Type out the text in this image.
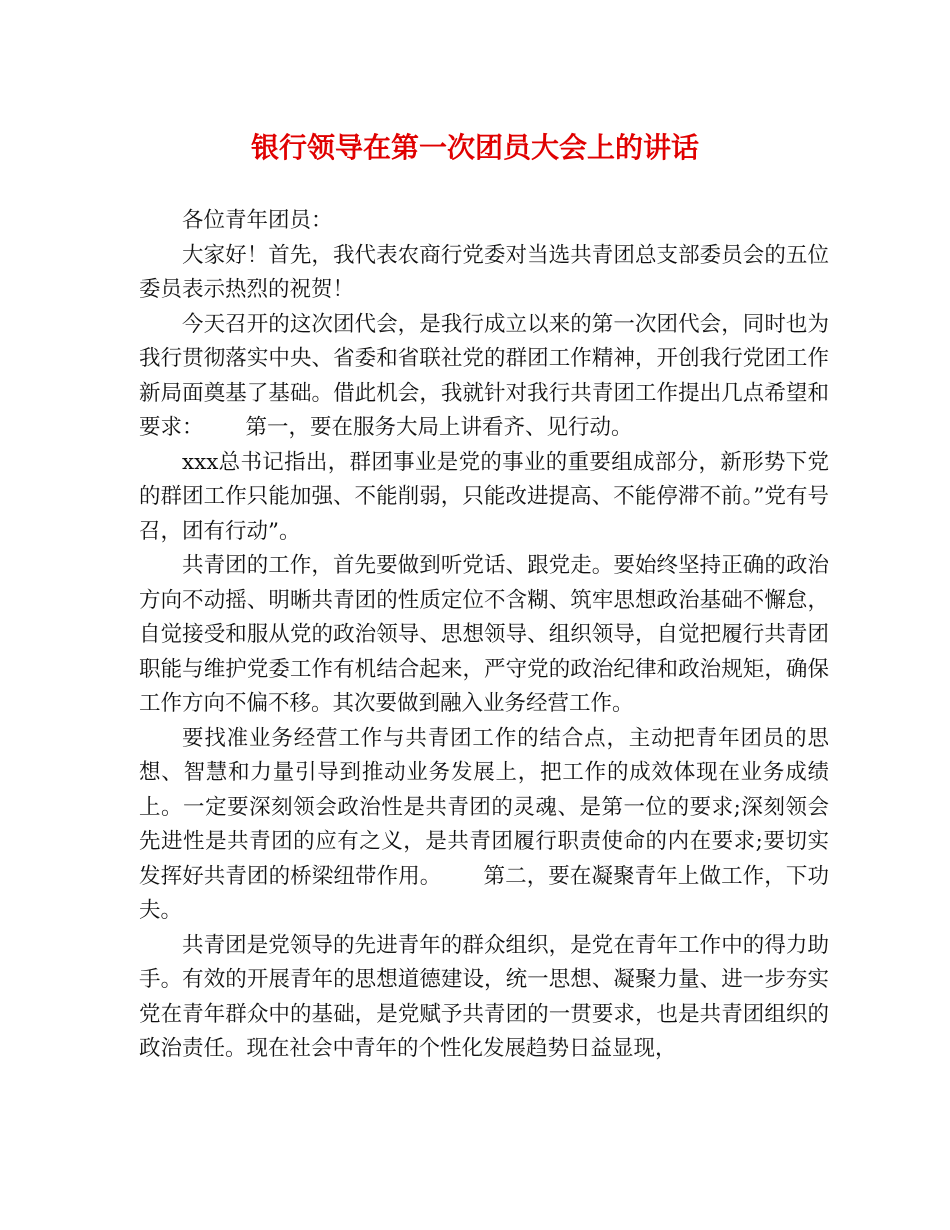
银行领导在第一次团员大会上的讲话

各位青年团员：

大家好！首先，我代表农商行党委对当选共青团总支部委员会的五位委员表示热烈的祝贺！

今天召开的这次团代会，是我行成立以来的第一次团代会，同时也为我行贯彻落实中央、省委和省联社党的群团工作精神，开创我行党团工作新局面奠基了基础。借此机会，我就针对我行共青团工作提出几点希望和要求： 第一，要在服务大局上讲看齐、见行动。

xxx总书记指出，群团事业是党的事业的重要组成部分，新形势下党的群团工作只能加强、不能削弱，只能改进提高、不能停滞不前。”党有号召，团有行动”。

共青团的工作，首先要做到听党话、跟党走。要始终坚持正确的政治方向不动摇、明晰共青团的性质定位不含糊、筑牢思想政治基础不懈怠，自觉接受和服从党的政治领导、思想领导、组织领导，自觉把履行共青团职能与维护党委工作有机结合起来，严守党的政治纪律和政治规矩，确保工作方向不偏不移。其次要做到融入业务经营工作。

要找准业务经营工作与共青团工作的结合点，主动把青年团员的思想、智慧和力量引导到推动业务发展上，把工作的成效体现在业务成绩上。一定要深刻领会政治性是共青团的灵魂、是第一位的要求;深刻领会先进性是共青团的应有之义，是共青团履行职责使命的内在要求;要切实发挥好共青团的桥梁纽带作用。 第二，要在凝聚青年上做工作，下功夫。

共青团是党领导的先进青年的群众组织，是党在青年工作中的得力助手。有效的开展青年的思想道德建设，统一思想、凝聚力量、进一步夯实党在青年群众中的基础，是党赋予共青团的一贯要求，也是共青团组织的政治责任。现在社会中青年的个性化发展趋势日益显现，
